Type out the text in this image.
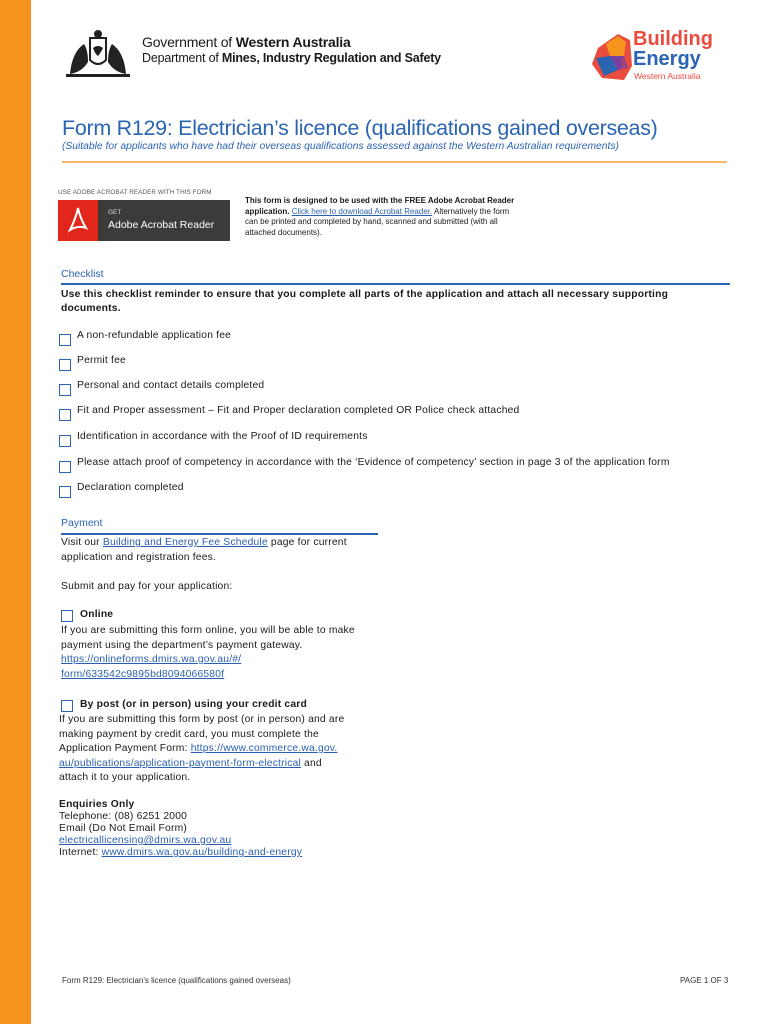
Government of Western Australia
Department of Mines, Industry Regulation and Safety
Building
and Energy
Western Australia
Form R129: Electrician’s licence (qualifications gained overseas)
(Suitable for applicants who have had their overseas qualifications assessed against the Western Australian requirements)
USE ADOBE ACROBAT READER WITH THIS FORM
GET
Adobe Acrobat Reader
This form is designed to be used with the FREE Adobe Acrobat Reader application. Click here to download Acrobat Reader. Alternatively the form can be printed and completed by hand, scanned and submitted (with all attached documents).
Checklist
Use this checklist reminder to ensure that you complete all parts of the application and attach all necessary supporting documents.
A non-refundable application fee
Permit fee
Personal and contact details completed
Fit and Proper assessment – Fit and Proper declaration completed OR Police check attached
Identification in accordance with the Proof of ID requirements
Please attach proof of competency in accordance with the ‘Evidence of competency’ section in page 3 of the application form
Declaration completed
Payment
Visit our Building and Energy Fee Schedule page for current
application and registration fees.
Submit and pay for your application:
Online
If you are submitting this form online, you will be able to make
payment using the department’s payment gateway.
https://onlineforms.dmirs.wa.gov.au/#/
form/633542c9895bd8094066580f
By post (or in person) using your credit card
If you are submitting this form by post (or in person) and are
making payment by credit card, you must complete the
Application Payment Form: https://www.commerce.wa.gov.
au/publications/application-payment-form-electrical and
attach it to your application.
Enquiries Only
Telephone: (08) 6251 2000
Email (Do Not Email Form)
electricallicensing@dmirs.wa.gov.au
Internet: www.dmirs.wa.gov.au/building-and-energy
Form R129: Electrician's licence (qualifications gained overseas)	PAGE 1 OF 3
